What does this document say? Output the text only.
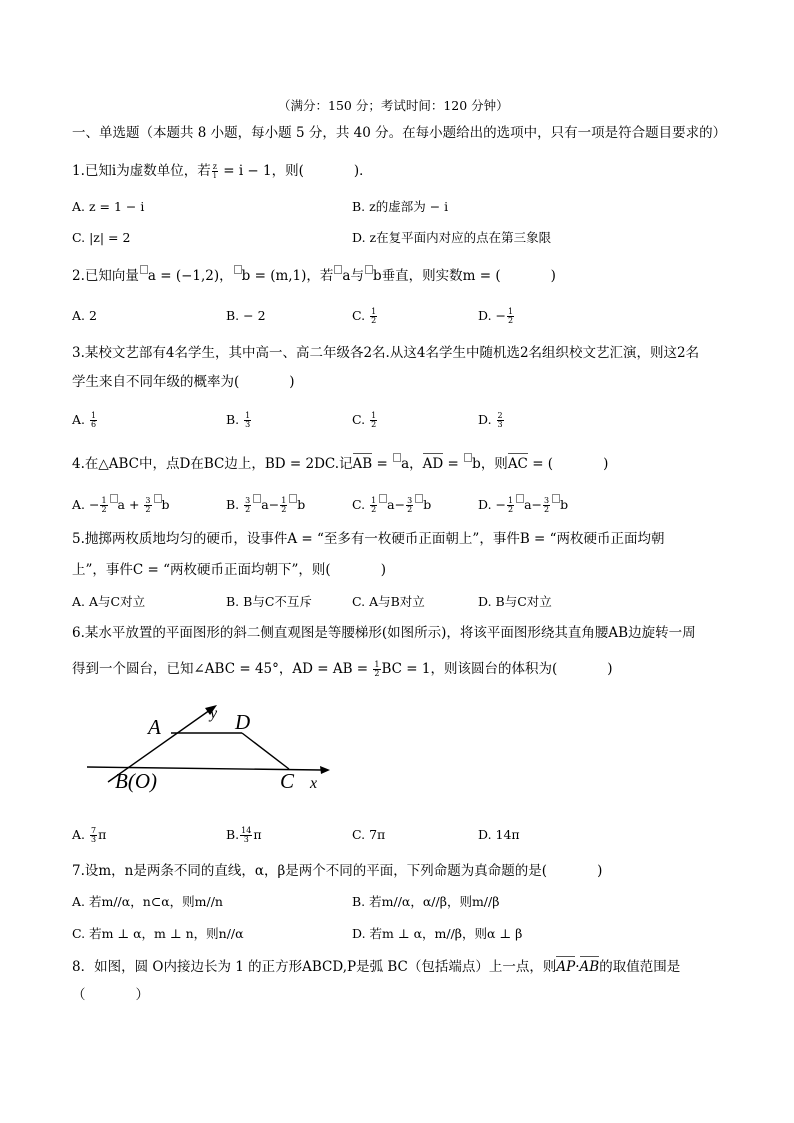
（满分：150 分；考试时间：120 分钟）
一、单选题（本题共 8 小题，每小题 5 分，共 40 分。在每小题给出的选项中，只有一项是符合题目要求的）
1.已知i为虚数单位，若 $\frac{z}{i} = i - 1$，则(	)．
A. z = 1 − i	B. z的虚部为 − i
C. |z| = 2	D. z在复平面内对应的点在第三象限
2.已知向量 a = (−1,2)， b = (m,1)，若 a与 b垂直，则实数m = (	)
A. 2	B. − 2	C. $\frac{1}{2}$	D. − $\frac{1}{2}$
3.某校文艺部有4名学生，其中高一、高二年级各2名.从这4名学生中随机选2名组织校文艺汇演，则这2名
学生来自不同年级的概率为(	)
A. $\frac{1}{6}$	B. $\frac{1}{3}$	C. $\frac{1}{2}$	D. $\frac{2}{3}$
4.在△ABC中，点D在BC边上，BD = 2DC.记AB = a，AD = b，则AC = (	)
A. − $\frac{1}{2}$ $a + \frac{3}{2}$ b	B. $\frac{3}{2} a- \frac{1}{2}$ b	C. $\frac{1}{2} a- \frac{3}{2}$ b	D. − $\frac{1}{2} a- \frac{3}{2}$ b
5.抛掷两枚质地均匀的硬币，设事件A = “至多有一枚硬币正面朝上”，事件B = “两枚硬币正面均朝
上”，事件C = “两枚硬币正面均朝下”，则(	)
A. A与C对立	B. B与C不互斥	C. A与B对立	D. B与C对立
6.某水平放置的平面图形的斜二侧直观图是等腰梯形(如图所示)，将该平面图形绕其直角腰AB边旋转一周
得到一个圆台，已知∠ABC = 45°，AD = AB = $\frac{1}{2}$ BC = 1，则该圆台的体积为(	)
A
y D
B(O)	C x
A. $\frac{7}{3}$ π	B. $\frac{14}{3}$ π	C. 7π	D. 14π
7.设m，n是两条不同的直线，α，β是两个不同的平面，下列命题为真命题的是(	)
A. 若m//α，n⊂α，则m//n	B. 若m//α，α//β，则m//β
C. 若m ⊥ α，m ⊥ n，则n//α	D. 若m ⊥ α，m//β，则α ⊥ β
8．如图，圆 O内接边长为 1 的正方形ABCD,P是弧 BC（包括端点）上一点，则AP·AB的取值范围是
（	）
